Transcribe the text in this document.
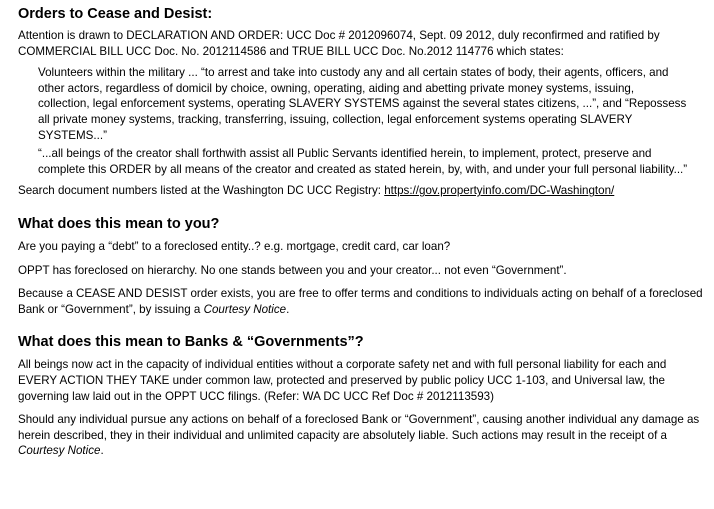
Orders to Cease and Desist:

Attention is drawn to DECLARATION AND ORDER: UCC Doc # 2012096074, Sept. 09 2012, duly reconfirmed and ratified by COMMERCIAL BILL UCC Doc. No. 2012114586 and TRUE BILL UCC Doc. No.2012 114776 which states:

Volunteers within the military ... “to arrest and take into custody any and all certain states of body, their agents, officers, and other actors, regardless of domicil by choice, owning, operating, aiding and abetting private money systems, issuing, collection, legal enforcement systems, operating SLAVERY SYSTEMS against the several states citizens, ...”, and “Repossess all private money systems, tracking, transferring, issuing, collection, legal enforcement systems operating SLAVERY SYSTEMS...”

“...all beings of the creator shall forthwith assist all Public Servants identified herein, to implement, protect, preserve and complete this ORDER by all means of the creator and created as stated herein, by, with, and under your full personal liability...”

Search document numbers listed at the Washington DC UCC Registry: https://gov.propertyinfo.com/DC-Washington/

What does this mean to you?

Are you paying a “debt” to a foreclosed entity..? e.g. mortgage, credit card, car loan?

OPPT has foreclosed on hierarchy. No one stands between you and your creator... not even “Government”.

Because a CEASE AND DESIST order exists, you are free to offer terms and conditions to individuals acting on behalf of a foreclosed Bank or “Government”, by issuing a Courtesy Notice.

What does this mean to Banks & “Governments”?

All beings now act in the capacity of individual entities without a corporate safety net and with full personal liability for each and EVERY ACTION THEY TAKE under common law, protected and preserved by public policy UCC 1-103, and Universal law, the governing law laid out in the OPPT UCC filings. (Refer: WA DC UCC Ref Doc # 2012113593)

Should any individual pursue any actions on behalf of a foreclosed Bank or “Government”, causing another individual any damage as herein described, they in their individual and unlimited capacity are absolutely liable. Such actions may result in the receipt of a Courtesy Notice.
